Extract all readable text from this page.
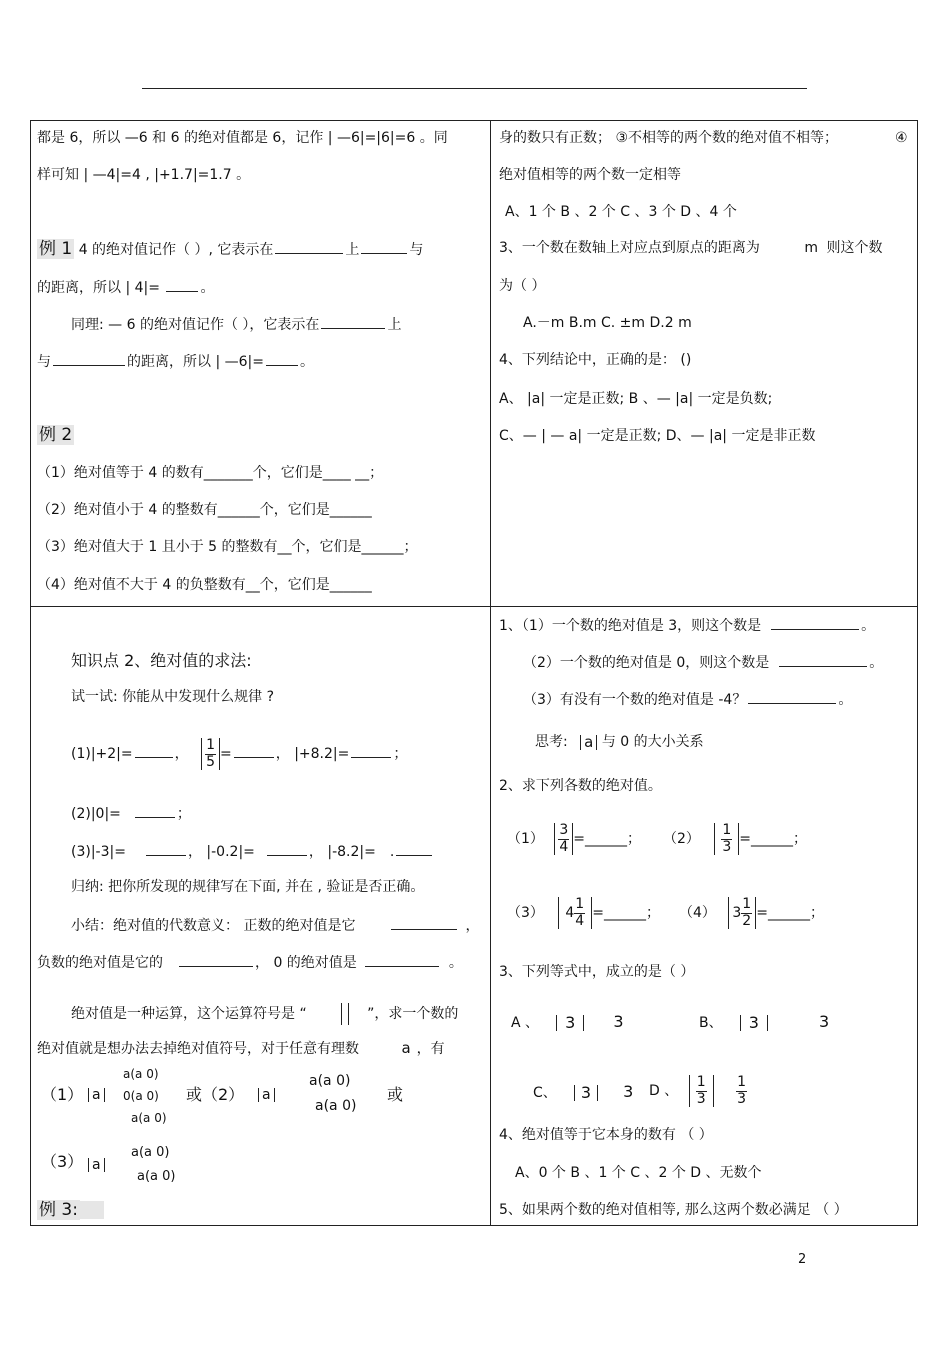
都是 6，所以 —6 和 6 的绝对值都是 6，记作 | —6|=|6|=6 。同
样可知 | —4|=4 , |+1.7|=1.7 。
例 1 4 的绝对值记作（ ）, 它表示在	上	与
的距离，所以 | 4|=	。
同理: — 6 的绝对值记作（ ），它表示在	上
与	的距离，所以 | —6|=	。
例 2
（1）绝对值等于 4 的数有_______个，它们是____ __；
（2）绝对值小于 4 的整数有______个，它们是______
（3）绝对值大于 1 且小于 5 的整数有__个，它们是______；
（4）绝对值不大于 4 的负整数有__个，它们是______
身的数只有正数； ③不相等的两个数的绝对值不相等；	④
绝对值相等的两个数一定相等
A、1 个 B 、2 个 C 、3 个 D 、4 个
3、一个数在数轴上对应点到原点的距离为	m 则这个数
为（ ）
A.－m B.m C. ±m D.2 m
4、下列结论中，正确的是： ()
A、 |a| 一定是正数; B 、— |a| 一定是负数;
C、— | — a| 一定是正数; D、— |a| 一定是非正数
知识点 2、绝对值的求法:
试一试: 你能从中发现什么规律 ?
(1)|+2|=	， $\frac{1}{5}$ =	， |+8.2|=	；
(2)|0|=	；
(3)|-3|=	， |-0.2|=	， |-8.2|= .
归纳: 把你所发现的规律写在下面, 并在 , 验证是否正确。
小结：绝对值的代数意义： 正数的绝对值是它	，
负数的绝对值是它的	， 0 的绝对值是	。
绝对值是一种运算，这个运算符号是 “	”，求一个数的
绝对值就是想办法去掉绝对值符号，对于任意有理数	a ，有
（1） a
a(a 0)
0(a 0)
a(a 0)
或（2） a
a(a 0)
a(a 0)
或
（3） a
a(a 0)
a(a 0)
例 3:
1、（1）一个数的绝对值是 3，则这个数是	。
（2）一个数的绝对值是 0，则这个数是	。
（3）有没有一个数的绝对值是 -4？	。
思考: a 与 0 的大小关系
2、求下列各数的绝对值。
$(1) \frac{3}{4}$ =______； $(2) \frac{1}{3}$ =______；
（3） $4 \frac{1}{4}$ =______； （4） $3 \frac{1}{2}$ =______；
3、下列等式中，成立的是（ ）
A 、 3 3	B、 3	3
C、 3 3 D 、 $\frac{1}{3}$
$\frac{1}{3}$
4、绝对值等于它本身的数有 （ ）
A、0 个 B 、1 个 C 、2 个 D 、无数个
5、如果两个数的绝对值相等, 那么这两个数必满足 （ ）
2
